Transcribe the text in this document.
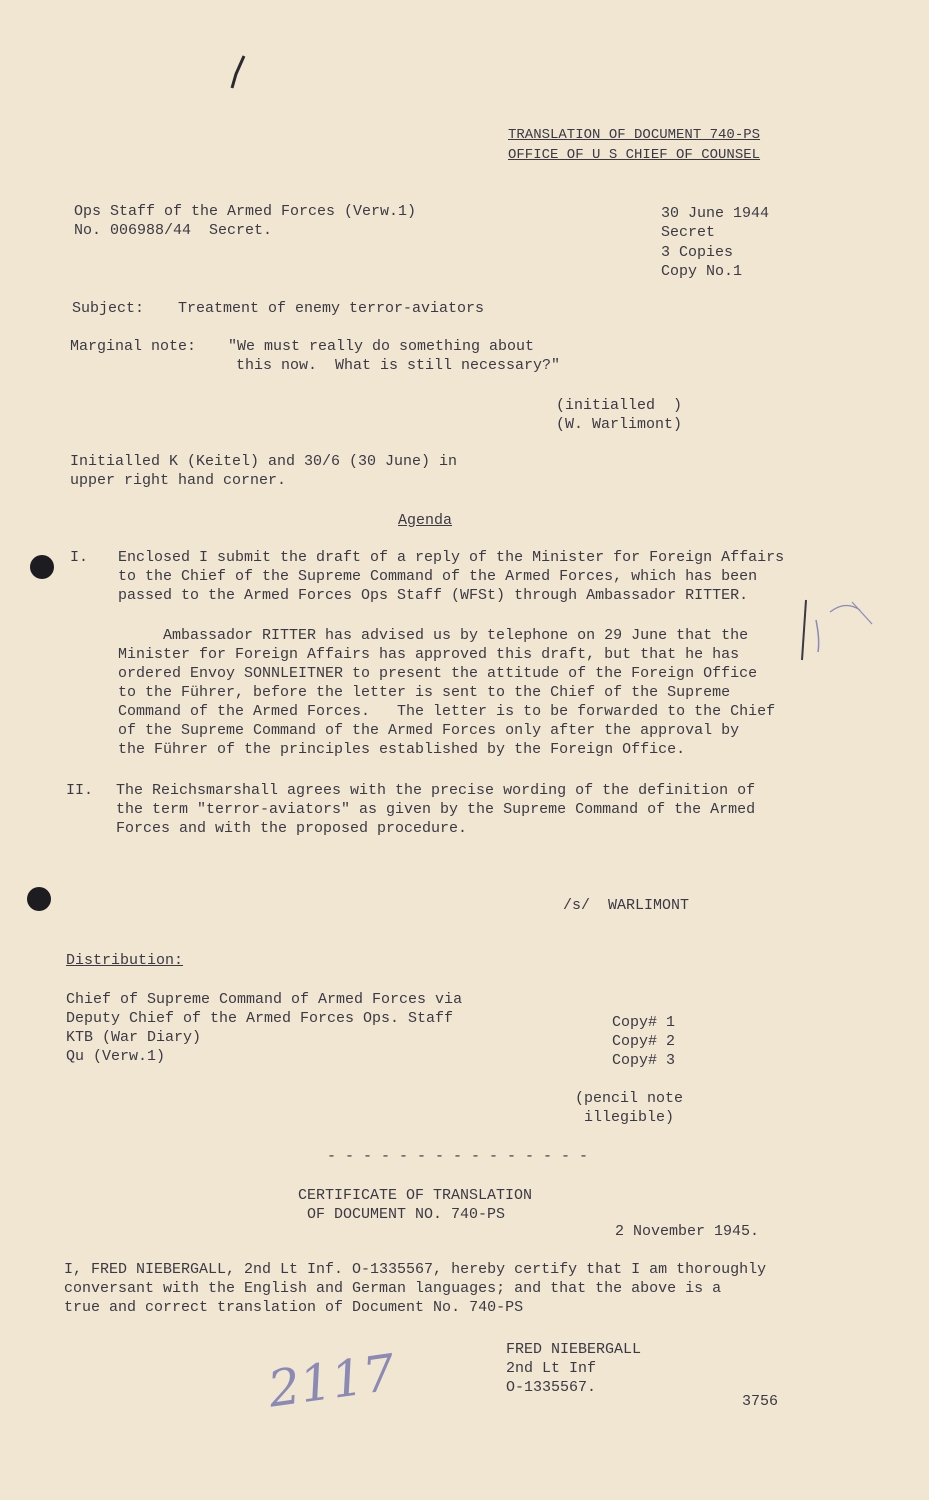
TRANSLATION OF DOCUMENT 740-PS
OFFICE OF U S CHIEF OF COUNSEL
Ops Staff of the Armed Forces (Verw.1)
No. 006988/44  Secret.
30 June 1944
Secret
3 Copies
Copy No.1
Subject: Treatment of enemy terror-aviators
Marginal note: "We must really do something about
this now.  What is still necessary?"
(initialled  )
(W. Warlimont)
Initialled K (Keitel) and 30/6 (30 June) in
upper right hand corner.
Agenda
I. Enclosed I submit the draft of a reply of the Minister for Foreign Affairs
to the Chief of the Supreme Command of the Armed Forces, which has been
passed to the Armed Forces Ops Staff (WFSt) through Ambassador RITTER.
Ambassador RITTER has advised us by telephone on 29 June that the
Minister for Foreign Affairs has approved this draft, but that he has
ordered Envoy SONNLEITNER to present the attitude of the Foreign Office
to the Führer, before the letter is sent to the Chief of the Supreme
Command of the Armed Forces.   The letter is to be forwarded to the Chief
of the Supreme Command of the Armed Forces only after the approval by
the Führer of the principles established by the Foreign Office.
II. The Reichsmarshall agrees with the precise wording of the definition of
the term "terror-aviators" as given by the Supreme Command of the Armed
Forces and with the proposed procedure.
/s/  WARLIMONT
Distribution:
Chief of Supreme Command of Armed Forces via
Deputy Chief of the Armed Forces Ops. Staff
KTB (War Diary)
Qu (Verw.1)
Copy# 1
Copy# 2
Copy# 3
(pencil note
illegible)
- - - - - - - - - - - - - - -
CERTIFICATE OF TRANSLATION
OF DOCUMENT NO. 740-PS
2 November 1945.
I, FRED NIEBERGALL, 2nd Lt Inf. O-1335567, hereby certify that I am thoroughly
conversant with the English and German languages; and that the above is a
true and correct translation of Document No. 740-PS
FRED NIEBERGALL
2nd Lt Inf
O-1335567.
2117	3756
